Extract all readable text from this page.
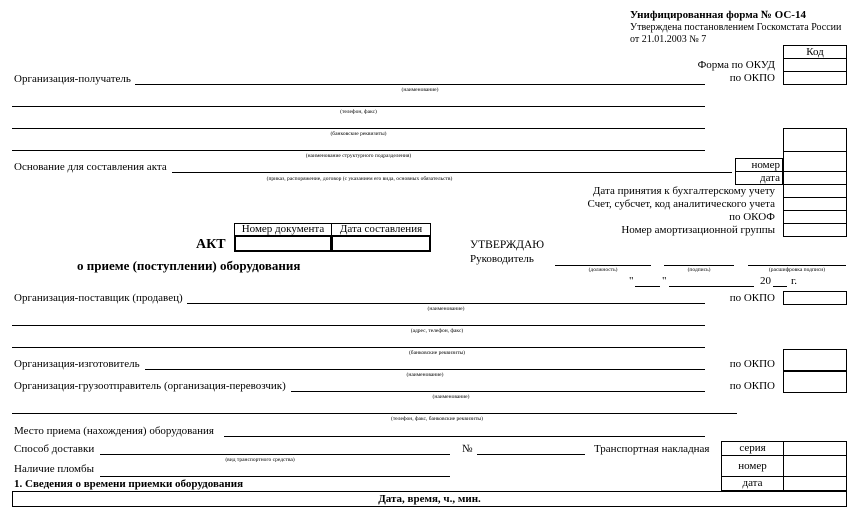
Унифицированная форма № ОС-14
Утверждена постановлением Госкомстата России
от 21.01.2003 № 7
Код
Форма по ОКУД
по ОКПО
номер
дата
Дата принятия к бухгалтерскому учету
Счет, субсчет, код аналитического учета
по ОКОФ
Номер амортизационной группы
Организация-получатель
(наименование)
(телефон, факс)
(банковские реквизиты)
(наименование структурного подразделения)
Основание для составления акта
(приказ, распоряжение, договор (с указанием его вида, основных обязательств)
Номер документа	Дата составления
АКТ
о приеме (поступлении) оборудования
УТВЕРЖДАЮ
Руководитель
(должность)	(подпись)	(расшифровка подписи)
"	"	20 г.
Организация-поставщик (продавец)
(наименование)
по ОКПО
(адрес, телефон, факс)
(банковские реквизиты)
Организация-изготовитель
(наименование)
по ОКПО
Организация-грузоотправитель (организация-перевозчик)
(наименование)
по ОКПО
(телефон, факс, банковские реквизиты)
Место приема (нахождения) оборудования
Способ доставки
(вид транспортного средства)
№	Транспортная накладная	серия
номер
дата
Наличие пломбы
1. Сведения о времени приемки оборудования
Дата, время, ч., мин.
